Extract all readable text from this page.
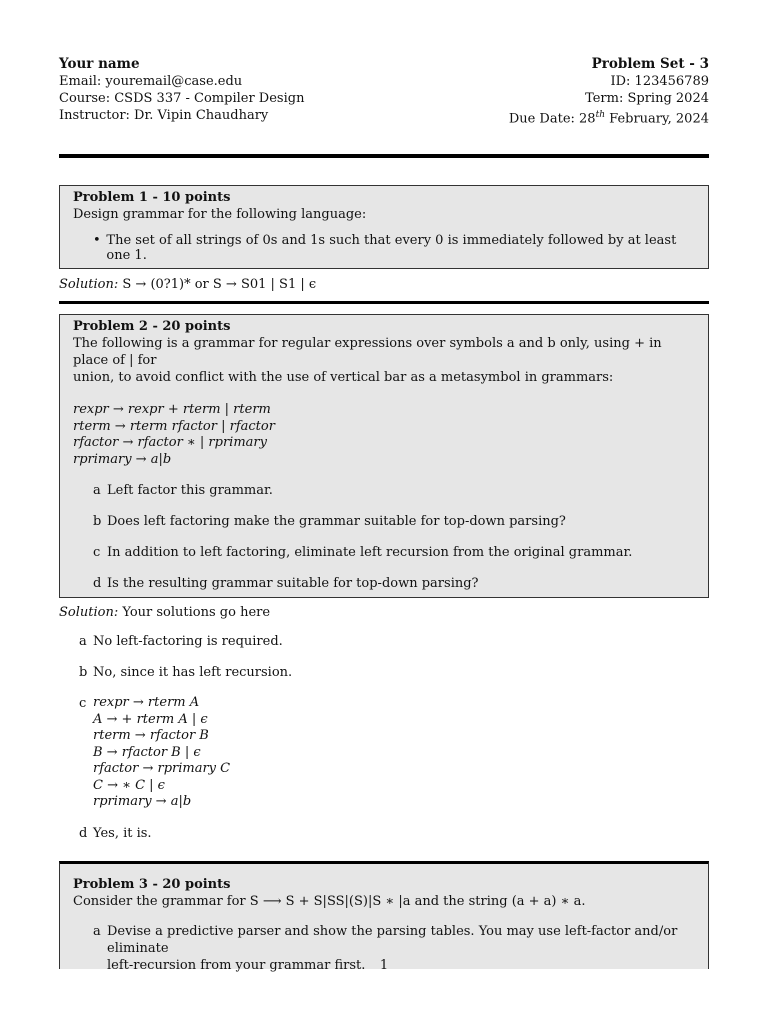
Your name
Email: youremail@case.edu
Course: CSDS 337 - Compiler Design
Instructor: Dr. Vipin Chaudhary
Problem Set - 3
ID: 123456789
Term: Spring 2024
Due Date: 28th February, 2024
Problem 1 - 10 points
Design grammar for the following language:
• The set of all strings of 0s and 1s such that every 0 is immediately followed by at least one 1.
Solution: S → (0?1)* or S → S01 | S1 | ϵ
Problem 2 - 20 points
The following is a grammar for regular expressions over symbols a and b only, using + in place of | for
union, to avoid conflict with the use of vertical bar as a metasymbol in grammars:
rexpr → rexpr + rterm | rterm
rterm → rterm rfactor | rfactor
rfactor → rfactor ∗ | rprimary
rprimary → a|b
a Left factor this grammar.
b Does left factoring make the grammar suitable for top-down parsing?
c In addition to left factoring, eliminate left recursion from the original grammar.
d Is the resulting grammar suitable for top-down parsing?
Solution: Your solutions go here
a No left-factoring is required.
b No, since it has left recursion.
c rexpr → rterm A
A → + rterm A | ϵ
rterm → rfactor B
B → rfactor B | ϵ
rfactor → rprimary C
C → ∗ C | ϵ
rprimary → a|b
d Yes, it is.
Problem 3 - 20 points
Consider the grammar for S ⟶ S + S|SS|(S)|S ∗ |a and the string (a + a) ∗ a.
a Devise a predictive parser and show the parsing tables. You may use left-factor and/or eliminate
left-recursion from your grammar first.	1
